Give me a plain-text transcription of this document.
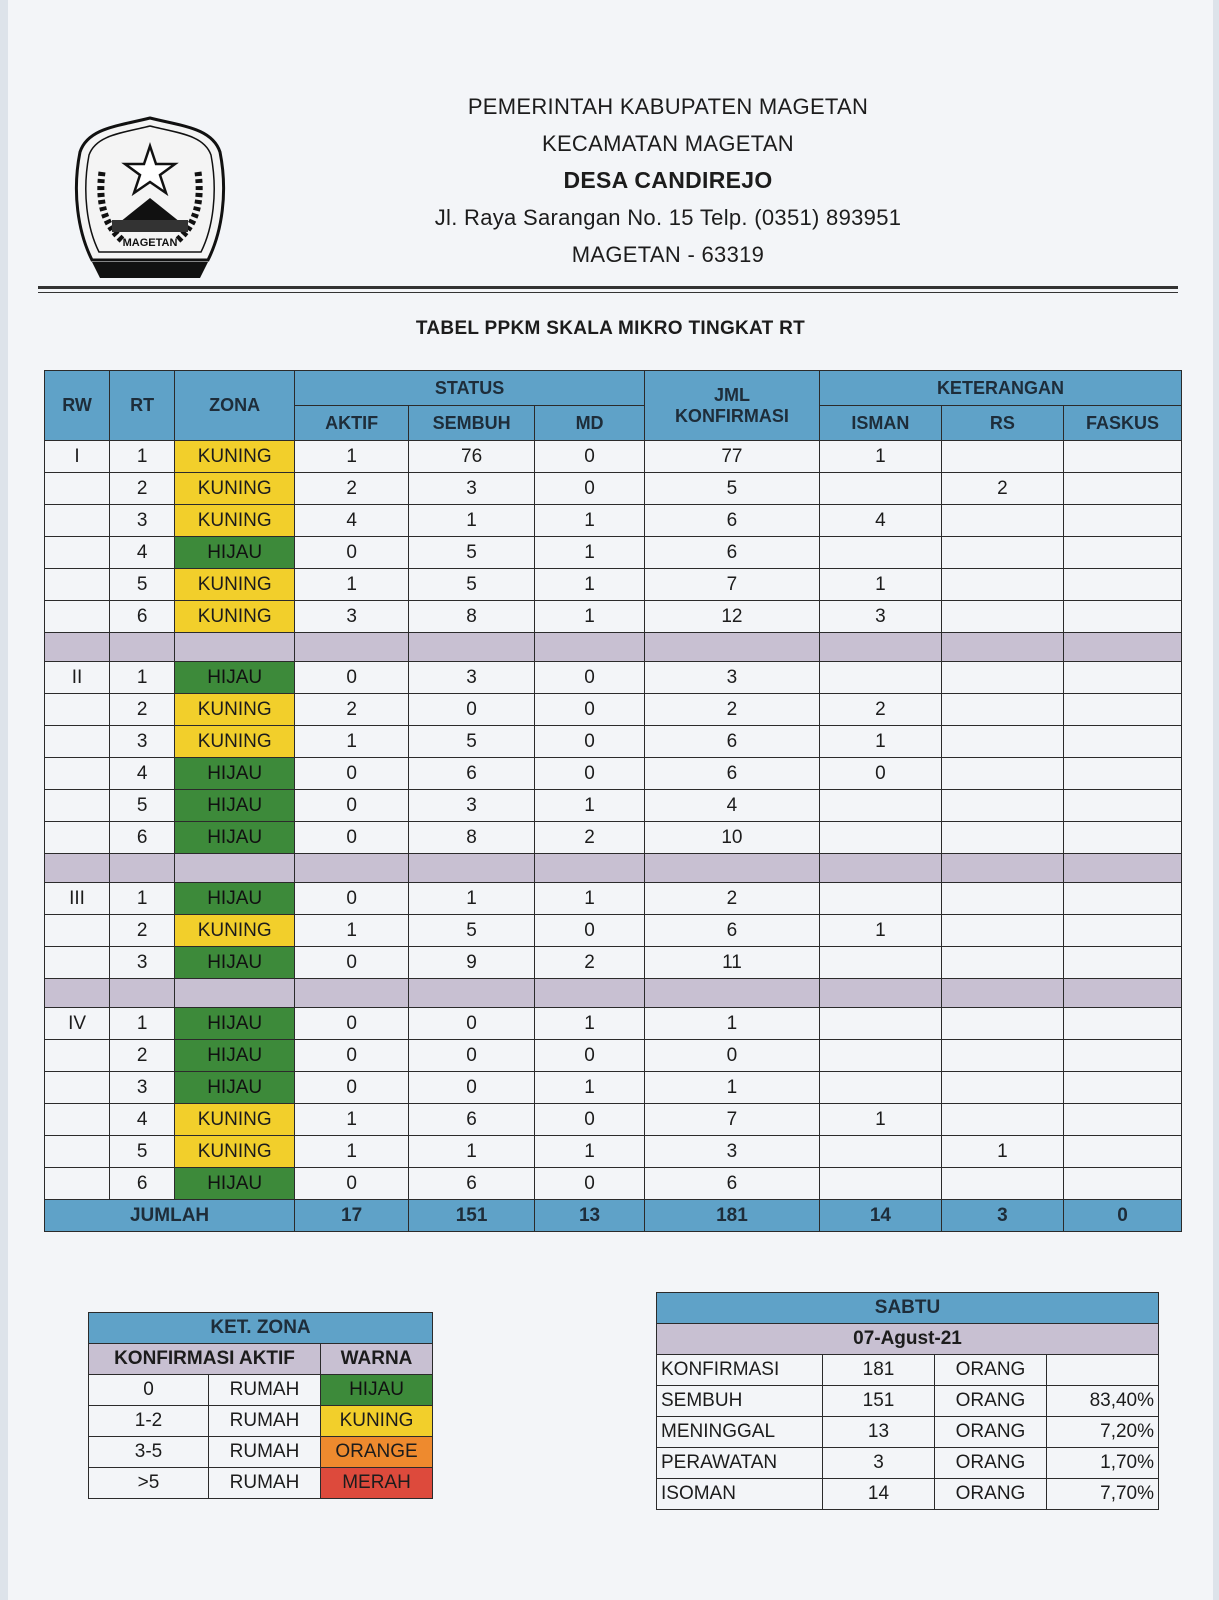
MAGETAN
PEMERINTAH KABUPATEN MAGETAN
KECAMATAN MAGETAN
DESA CANDIREJO
Jl. Raya Sarangan No. 15 Telp. (0351) 893951
MAGETAN - 63319
TABEL PPKM SKALA MIKRO TINGKAT RT
RW	RT	ZONA	STATUS			JML
KONFIRMASI	KETERANGAN		
			AKTIF	SEMBUH	MD		ISMAN	RS	FASKUS
I	1	KUNING	1	76	0	77	1		
	2	KUNING	2	3	0	5		2	
	3	KUNING	4	1	1	6	4		
	4	HIJAU	0	5	1	6			
	5	KUNING	1	5	1	7	1		
	6	KUNING	3	8	1	12	3		

II	1	HIJAU	0	3	0	3			
	2	KUNING	2	0	0	2	2		
	3	KUNING	1	5	0	6	1		
	4	HIJAU	0	6	0	6	0		
	5	HIJAU	0	3	1	4			
	6	HIJAU	0	8	2	10			

III	1	HIJAU	0	1	1	2			
	2	KUNING	1	5	0	6	1		
	3	HIJAU	0	9	2	11			

IV	1	HIJAU	0	0	1	1			
	2	HIJAU	0	0	0	0			
	3	HIJAU	0	0	1	1			
	4	KUNING	1	6	0	7	1		
	5	KUNING	1	1	1	3		1	
	6	HIJAU	0	6	0	6			
JUMLAH			17	151	13	181	14	3	0
KET. ZONA		
KONFIRMASI AKTIF		WARNA
0	RUMAH	HIJAU
1-2	RUMAH	KUNING
3-5	RUMAH	ORANGE
>5	RUMAH	MERAH
SABTU			
07-Agust-21			
KONFIRMASI	181	ORANG	
SEMBUH	151	ORANG	83,40%
MENINGGAL	13	ORANG	7,20%
PERAWATAN	3	ORANG	1,70%
ISOMAN	14	ORANG	7,70%
